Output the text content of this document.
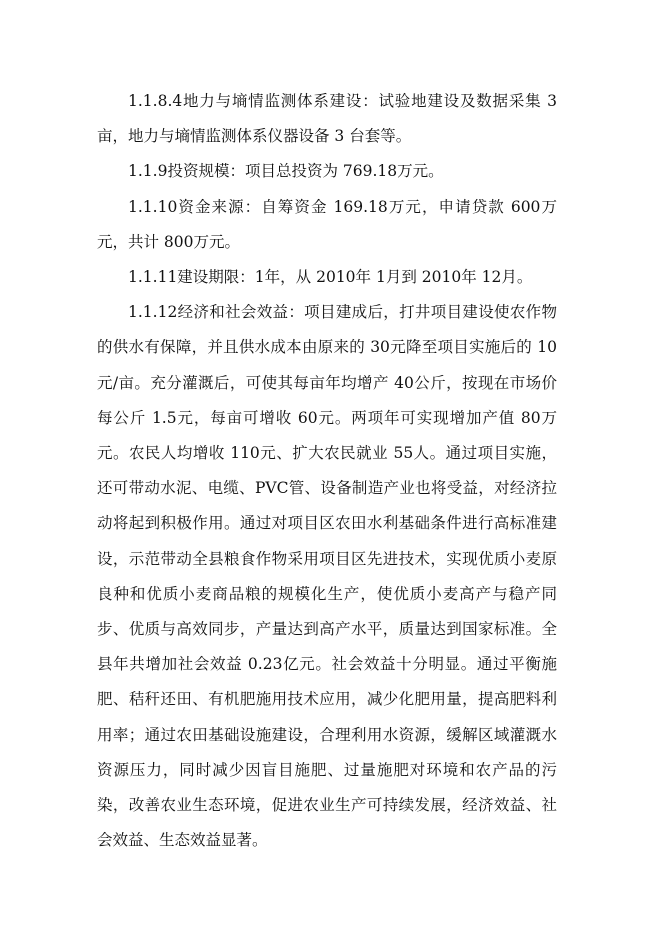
1.1.8.4地力与墒情监测体系建设：试验地建设及数据采集 3 亩，地力与墒情监测体系仪器设备 3 台套等。

1.1.9投资规模：项目总投资为 769.18万元。

1.1.10资金来源：自筹资金 169.18万元，申请贷款 600万元，共计 800万元。

1.1.11建设期限：1年，从 2010年 1月到 2010年 12月。

1.1.12经济和社会效益：项目建成后，打井项目建设使农作物的供水有保障，并且供水成本由原来的 30元降至项目实施后的 10元/亩。充分灌溉后，可使其每亩年均增产 40公斤，按现在市场价每公斤 1.5元，每亩可增收 60元。两项年可实现增加产值 80万元。农民人均增收 110元、扩大农民就业 55人。通过项目实施，还可带动水泥、电缆、PVC管、设备制造产业也将受益，对经济拉动将起到积极作用。通过对项目区农田水利基础条件进行高标准建设，示范带动全县粮食作物采用项目区先进技术，实现优质小麦原良种和优质小麦商品粮的规模化生产，使优质小麦高产与稳产同步、优质与高效同步，产量达到高产水平，质量达到国家标准。全县年共增加社会效益 0.23亿元。社会效益十分明显。通过平衡施肥、秸秆还田、有机肥施用技术应用，减少化肥用量，提高肥料利用率；通过农田基础设施建设，合理利用水资源，缓解区域灌溉水资源压力，同时减少因盲目施肥、过量施肥对环境和农产品的污染，改善农业生态环境，促进农业生产可持续发展，经济效益、社会效益、生态效益显著。
